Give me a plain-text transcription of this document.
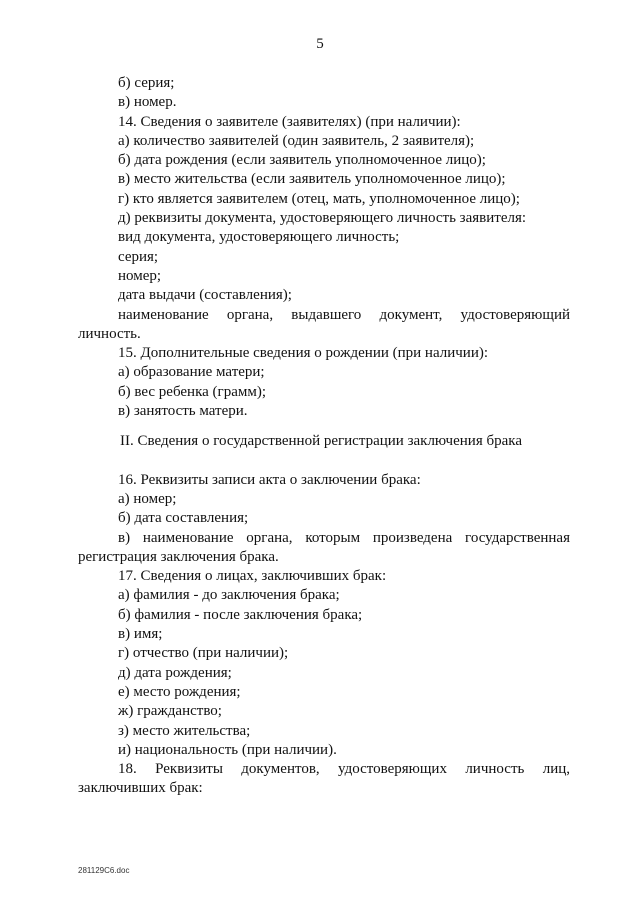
5
б) серия;
в) номер.
14. Сведения о заявителе (заявителях) (при наличии):
а) количество заявителей (один заявитель, 2 заявителя);
б) дата рождения (если заявитель уполномоченное лицо);
в) место жительства (если заявитель уполномоченное лицо);
г) кто является заявителем (отец, мать, уполномоченное лицо);
д) реквизиты документа, удостоверяющего личность заявителя:
вид документа, удостоверяющего личность;
серия;
номер;
дата выдачи (составления);
наименование органа, выдавшего документ, удостоверяющий
личность.
15. Дополнительные сведения о рождении (при наличии):
а) образование матери;
б) вес ребенка (грамм);
в) занятость матери.
II. Сведения о государственной регистрации заключения брака
16. Реквизиты записи акта о заключении брака:
а) номер;
б) дата составления;
в) наименование органа, которым произведена государственная
регистрация заключения брака.
17. Сведения о лицах, заключивших брак:
а) фамилия - до заключения брака;
б) фамилия - после заключения брака;
в) имя;
г) отчество (при наличии);
д) дата рождения;
е) место рождения;
ж) гражданство;
з) место жительства;
и) национальность (при наличии).
18. Реквизиты документов, удостоверяющих личность лиц,
заключивших брак:
281129C6.doc
